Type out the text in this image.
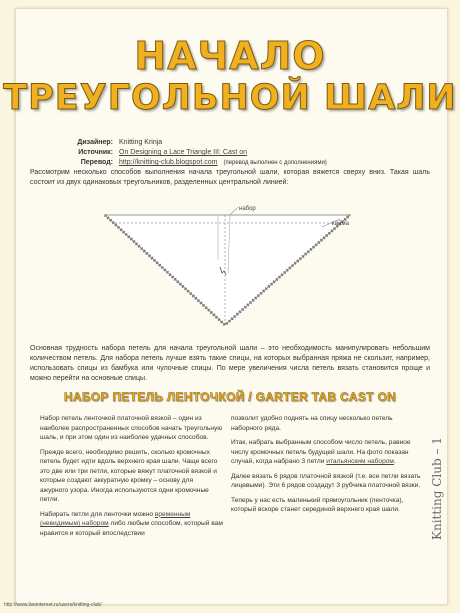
НАЧАЛО
ТРЕУГОЛЬНОЙ ШАЛИ
Дизайнер: Knitting Krinja
Источник: On Designing a Lace Triangle III: Cast on
Перевод: http://knitting-club.blogspot.com (перевод выполнен с дополнениями)
Рассмотрим несколько способов выполнения начала треугольной шали, которая вяжется сверху вниз. Такая шаль состоит из двух одинаковых треугольников, разделенных центральной линией:
набор
кайма
Основная трудность набора петель для начала треугольной шали – это необходимость манипулировать небольшим количеством петель. Для набора петель лучше взять такие спицы, на которых выбранная пряжа не скользит, например, использовать спицы из бамбука или чулочные спицы. По мере увеличения числа петель вязать становится проще и можно перейти на основные спицы.
НАБОР ПЕТЕЛЬ ЛЕНТОЧКОЙ / GARTER TAB CAST ON

Набор петель ленточкой платочной вязкой – один из наиболее распространенных способов начать треугольную шаль, и при этом один из наиболее удачных способов.

Прежде всего, необходимо решить, сколько кромочных петель будет идти вдоль верхнего края шали. Чаще всего это две или три петли, которые вяжут платочной вязкой и которые создают аккуратную кромку – основу для ажурного узора. Иногда используются одни кромочные петли.

Набирать петли для ленточки можно временным (невидимым) набором либо любым способом, который вам нравится и который впоследствии

позволит удобно поднять на спицу несколько петель наборного ряда.

Итак, набрать выбранным способом число петель, равное числу кромочных петель будущей шали. На фото показан случай, когда набрано 3 петли итальянским набором.

Далее вязать 6 рядов платочной вязкой (т.е. все петли вязать лицевыми). Эти 6 рядов создадут 3 рубчика платочной вязки.

Теперь у нас есть маленький прямоугольник (ленточка), который вскоре станет серединой верхнего края шали.	Knitting Club – 1
http://www.liveinternet.ru/users/knitting-club/
